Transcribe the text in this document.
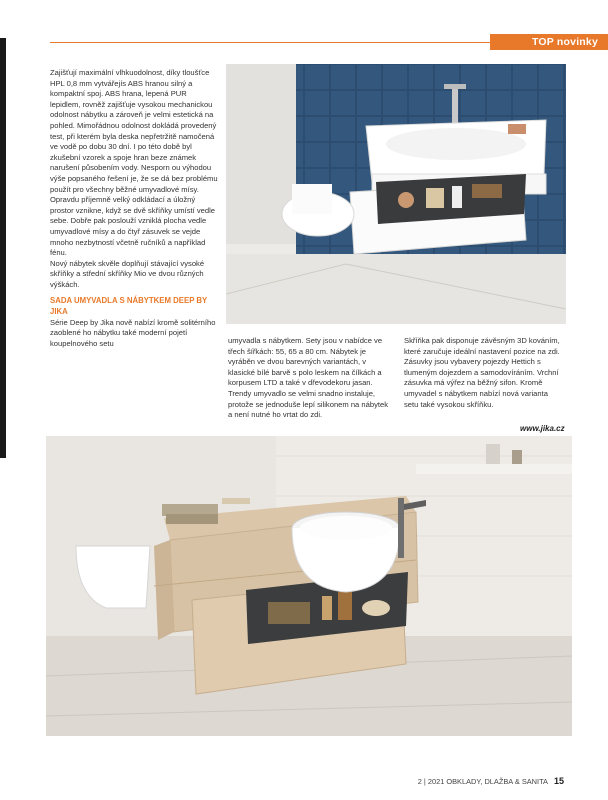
TOP novinky

Zajišťují maximální vlhkuodolnost, díky tloušťce HPL 0,8 mm vytvářejís ABS hranou silný a kompaktní spoj. ABS hrana, lepená PUR lepidlem, rovněž zajišťuje vysokou mechanickou odolnost nábytku a zároveň je velmi estetická na pohled. Mimořádnou odolnost dokládá provedený test, při kterém byla deska nepřetržitě namočená ve vodě po dobu 30 dní. I po této době byl zkušební vzorek a spoje hran beze známek narušení působením vody. Nesporn ou výhodou výše popsaného řešení je, že se dá bez problému použít pro všechny běžné umyvadlové mísy.

Opravdu příjemně velký odkládací a úložný prostor vznikne, když se dvě skříňky umístí vedle sebe. Dobře pak poslouží vzniklá plocha vedle umyvadlové mísy a do čtyř zásuvek se vejde mnoho nezbytností včetně ručníků a například fénu.

Nový nábytek skvěle doplňují stávající vysoké skříňky a střední skříňky Mio ve dvou různých výškách.

SADA UMYVADLA S NÁBYTKEM DEEP BY JIKA

Série Deep by Jika nově nabízí kromě solitérního zaoblené ho nábytku také moderní pojetí koupelnového setu	umyvadla s nábytkem. Sety jsou v nabídce ve třech šířkách: 55, 65 a 80 cm. Nábytek je vyráběn ve dvou barevných variantách, v klasické bílé barvě s polo leskem na čílkách a korpusem LTD a také v dřevodekoru jasan. Trendy umyvadlo se velmi snadno instaluje, protože se jednoduše lepí silikonem na nábytek a není nutné ho vrtat do zdi.

Skříňka pak disponuje závěsným 3D kováním, které zaručuje ideální nastavení pozice na zdi. Zásuvky jsou vybavery pojezdy Hettich s tlumeným dojezdem a samodovíráním. Vrchní zásuvka má výřez na běžný sifon. Kromě umyvadel s nábytkem nabízí nová varianta setu také vysokou skříňku.

www.jika.cz
2 | 2021 OBKLADY, DLAŽBA & SANITA 15
